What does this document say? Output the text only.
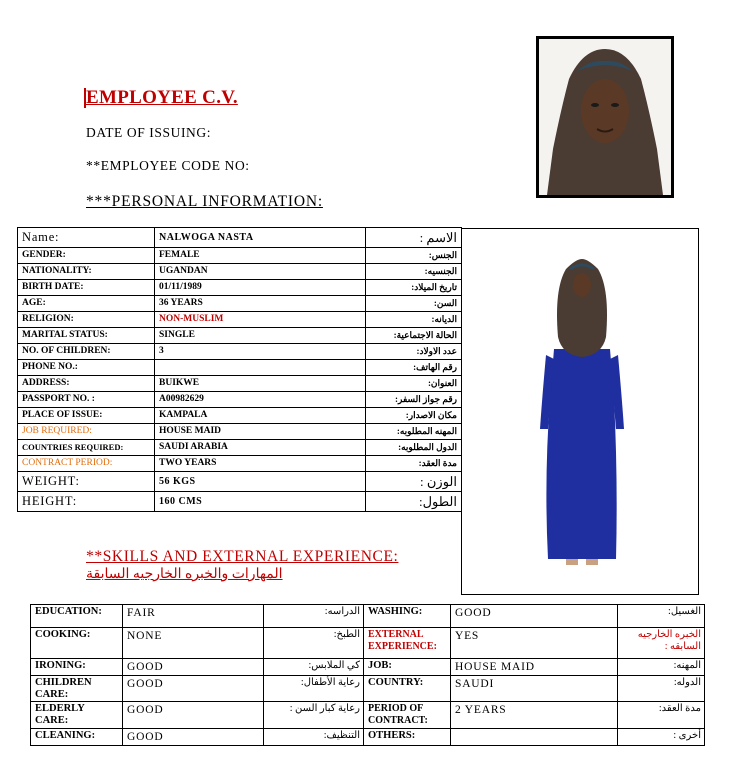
EMPLOYEE C.V.
DATE OF ISSUING:
**EMPLOYEE CODE NO:
***PERSONAL INFORMATION:
Name:	NALWOGA NASTA	الاسم :
GENDER:	FEMALE	الجنس:
NATIONALITY:	UGANDAN	الجنسيه:
BIRTH DATE:	01/11/1989	تاريخ الميلاد:
AGE:	36 YEARS	السن:
RELIGION:	NON-MUSLIM	الديانه:
MARITAL STATUS:	SINGLE	الحالة الاجتماعية:
NO. OF CHILDREN:	3	عدد الاولاد:
PHONE NO.:		رقم الهاتف:
ADDRESS:	BUIKWE	العنوان:
PASSPORT NO. :	A00982629	رقم جواز السفر:
PLACE OF ISSUE:	KAMPALA	مكان الاصدار:
JOB REQUIRED:	HOUSE MAID	المهنه المطلوبه:
COUNTRIES REQUIRED:	SAUDI ARABIA	الدول المطلوبه:
CONTRACT PERIOD:	TWO YEARS	مدة العقد:
WEIGHT:	56 KGS	الوزن :
HEIGHT:	160 CMS	الطول:
**SKILLS AND EXTERNAL EXPERIENCE:
المهارات والخبره الخارجيه السابقة
EDUCATION:	FAIR	الدراسه:	WASHING:	GOOD	الغسيل:
COOKING:	NONE	الطبخ:	EXTERNAL EXPERIENCE:	YES	الخبره الخارجيه السابقه :
IRONING:	GOOD	كي الملابس:	JOB:	HOUSE MAID	المهنه:
CHILDREN CARE:	GOOD	رعاية الأطفال:	COUNTRY:	SAUDI	الدوله:
ELDERLY CARE:	GOOD	رعاية كبار السن :	PERIOD OF CONTRACT:	2 YEARS	مدة العقد:
CLEANING:	GOOD	التنظيف:	OTHERS:		أخرى :
